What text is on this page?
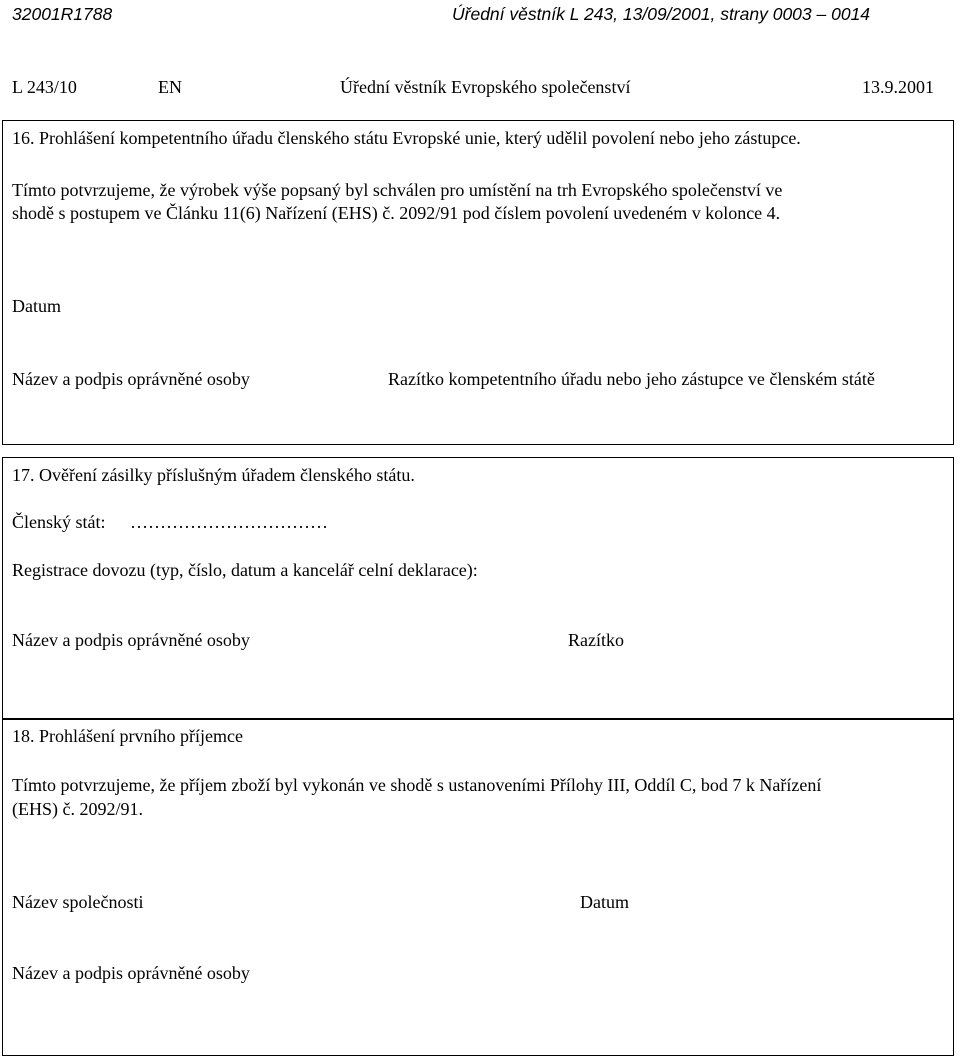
32001R1788	Úřední věstník L 243, 13/09/2001, strany 0003 – 0014
L 243/10	EN	Úřední věstník Evropského společenství	13.9.2001
16. Prohlášení kompetentního úřadu členského státu Evropské unie, který udělil povolení nebo jeho zástupce.
Tímto potvrzujeme, že výrobek výše popsaný byl schválen pro umístění na trh Evropského společenství ve
shodě s postupem ve Článku 11(6) Nařízení (EHS) č. 2092/91 pod číslem povolení uvedeném v kolonce 4.
Datum
Název a podpis oprávněné osoby	Razítko kompetentního úřadu nebo jeho zástupce ve členském státě
17. Ověření zásilky příslušným úřadem členského státu.
Členský stát: ……………………………
Registrace dovozu (typ, číslo, datum a kancelář celní deklarace):
Název a podpis oprávněné osoby	Razítko
18. Prohlášení prvního příjemce
Tímto potvrzujeme, že příjem zboží byl vykonán ve shodě s ustanoveními Přílohy III, Oddíl C, bod 7 k Nařízení
(EHS) č. 2092/91.
Název společnosti	Datum
Název a podpis oprávněné osoby
